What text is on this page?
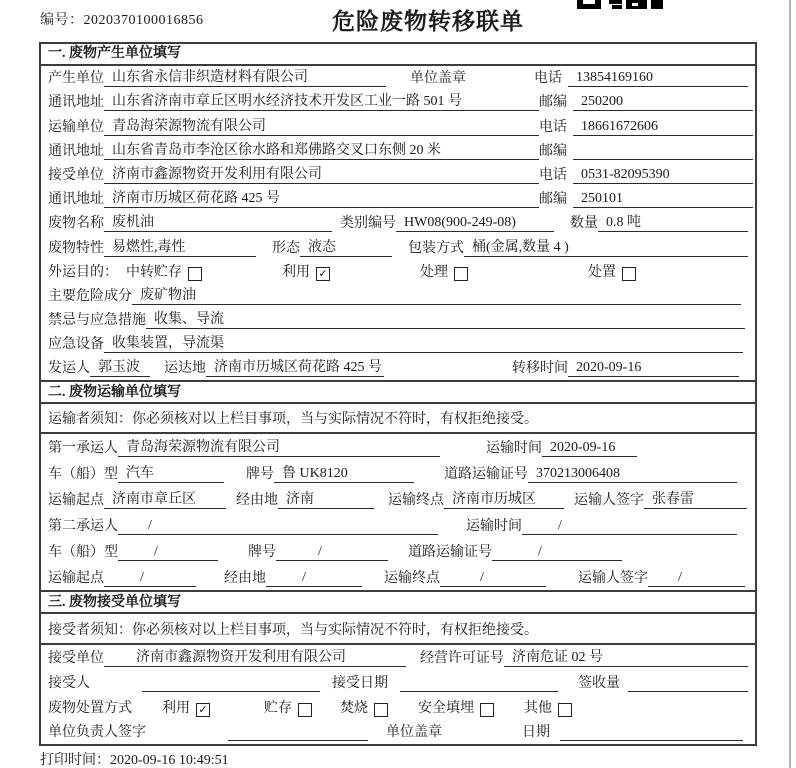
编号：2020370100016856	危险废物转移联单
一. 废物产生单位填写
产生单位 山东省永信非织造材料有限公司	单位盖章	电话	13854169160
通讯地址 山东省济南市章丘区明水经济技术开发区工业一路 501 号	邮编	250200
运输单位 青岛海荣源物流有限公司	电话	18661672606
通讯地址 山东省青岛市李沧区徐水路和郑佛路交叉口东侧 20 米	邮编
接受单位 济南市鑫源物资开发利用有限公司	电话	0531-82095390
通讯地址 济南市历城区荷花路 425 号	邮编	250101
废物名称 废机油	类别编号 HW08(900-249-08)	数量 0.8 吨
废物特性 易燃性,毒性	形态 液态	包装方式 桶(金属,数量 4 )
外运目的： 中转贮存	利用 ✓	处理	处置
主要危险成分 废矿物油
禁忌与应急措施 收集、导流
应急设备 收集装置，导流渠
发运人 郭玉波	运达地 济南市历城区荷花路 425 号	转移时间 2020-09-16
二. 废物运输单位填写
运输者须知：你必须核对以上栏目事项，当与实际情况不符时，有权拒绝接受。
第一承运人 青岛海荣源物流有限公司	运输时间 2020-09-16
车（船）型 汽车	牌号 鲁 UK8120	道路运输证号 370213006408
运输起点 济南市章丘区	经由地 济南	运输终点 济南市历城区	运输人签字 张春雷
第二承运人	/	运输时间	/
车（船）型	/	牌号	/	道路运输证号	/
运输起点	/	经由地	/	运输终点	/	运输人签字	/
三. 废物接受单位填写
接受者须知：你必须核对以上栏目事项，当与实际情况不符时，有权拒绝接受。
接受单位	济南市鑫源物资开发利用有限公司	经营许可证号 济南危证 02 号
接受人	接受日期	签收量
废物处置方式 利用 ✓	贮存	焚烧	安全填埋	其他
单位负责人签字	单位盖章	日期
打印时间：2020-09-16 10:49:51
